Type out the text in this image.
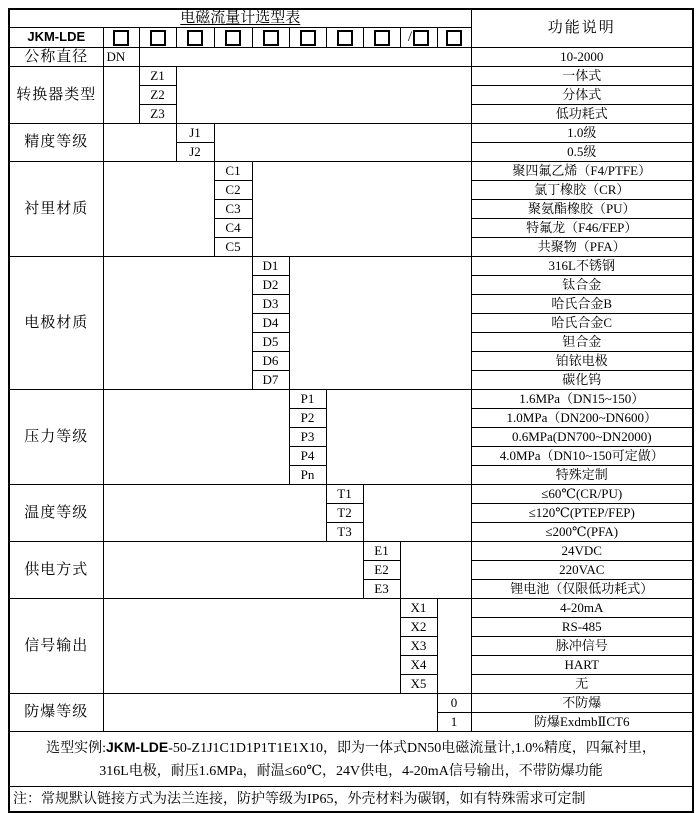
电磁流量计选型表											功能说明
JKM-LDE									/		
公称直径	DN										10-2000
转换器类型		Z1									一体式
		Z2									分体式
		Z3									低功耗式
精度等级			J1								1.0级
			J2								0.5级
衬里材质				C1							聚四氟乙烯（F4/PTFE）
				C2							氯丁橡胶（CR）
				C3							聚氨酯橡胶（PU）
				C4							特氟龙（F46/FEP）
				C5							共聚物（PFA）
电极材质					D1						316L不锈钢
					D2						钛合金
					D3						哈氏合金B
					D4						哈氏合金C
					D5						钽合金
					D6						铂铱电极
					D7						碳化钨
压力等级						P1					1.6MPa（DN15~150）
						P2					1.0MPa（DN200~DN600）
						P3					0.6MPa(DN700~DN2000)
						P4					4.0MPa（DN10~150可定做）
						Pn					特殊定制
温度等级							T1				≤60℃(CR/PU)
							T2				≤120℃(PTEP/FEP)
							T3				≤200℃(PFA)
供电方式								E1			24VDC
								E2			220VAC
								E3			锂电池（仅限低功耗式）
信号输出									X1		4-20mA
									X2		RS-485
									X3		脉冲信号
									X4		HART
									X5		无
防爆等级										0	不防爆
										1	防爆ExdmbⅡCT6

选型实例:JKM-LDE-50-Z1J1C1D1P1T1E1X10，即为一体式DN50电磁流量计,1.0%精度，四氟衬里，
316L电极，耐压1.6MPa，耐温≤60℃，24V供电，4-20mA信号输出，不带防爆功能											

注：常规默认链接方式为法兰连接，防护等级为IP65，外壳材料为碳钢，如有特殊需求可定制											
